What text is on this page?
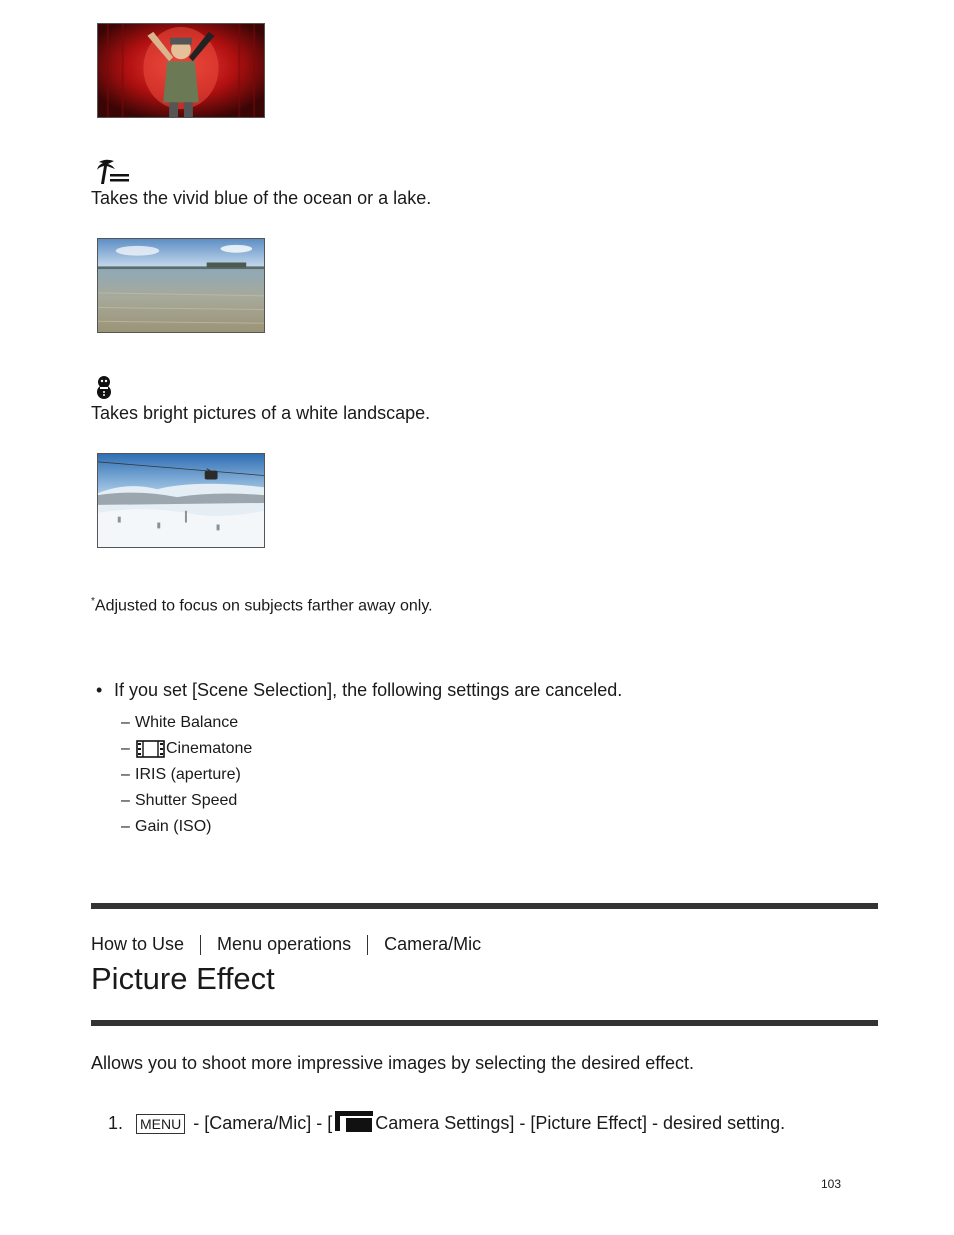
Takes the vivid blue of the ocean or a lake.
Takes bright pictures of a white landscape.
*Adjusted to focus on subjects farther away only.
• If you set [Scene Selection], the following settings are canceled.
– White Balance
–	Cinematone
– IRIS (aperture)
– Shutter Speed
– Gain (ISO)
How to Use Menu operations Camera/Mic
Picture Effect
Allows you to shoot more impressive images by selecting the desired effect.
1. MENU - [Camera/Mic] - [ Camera Settings] - [Picture Effect] - desired setting.
103
